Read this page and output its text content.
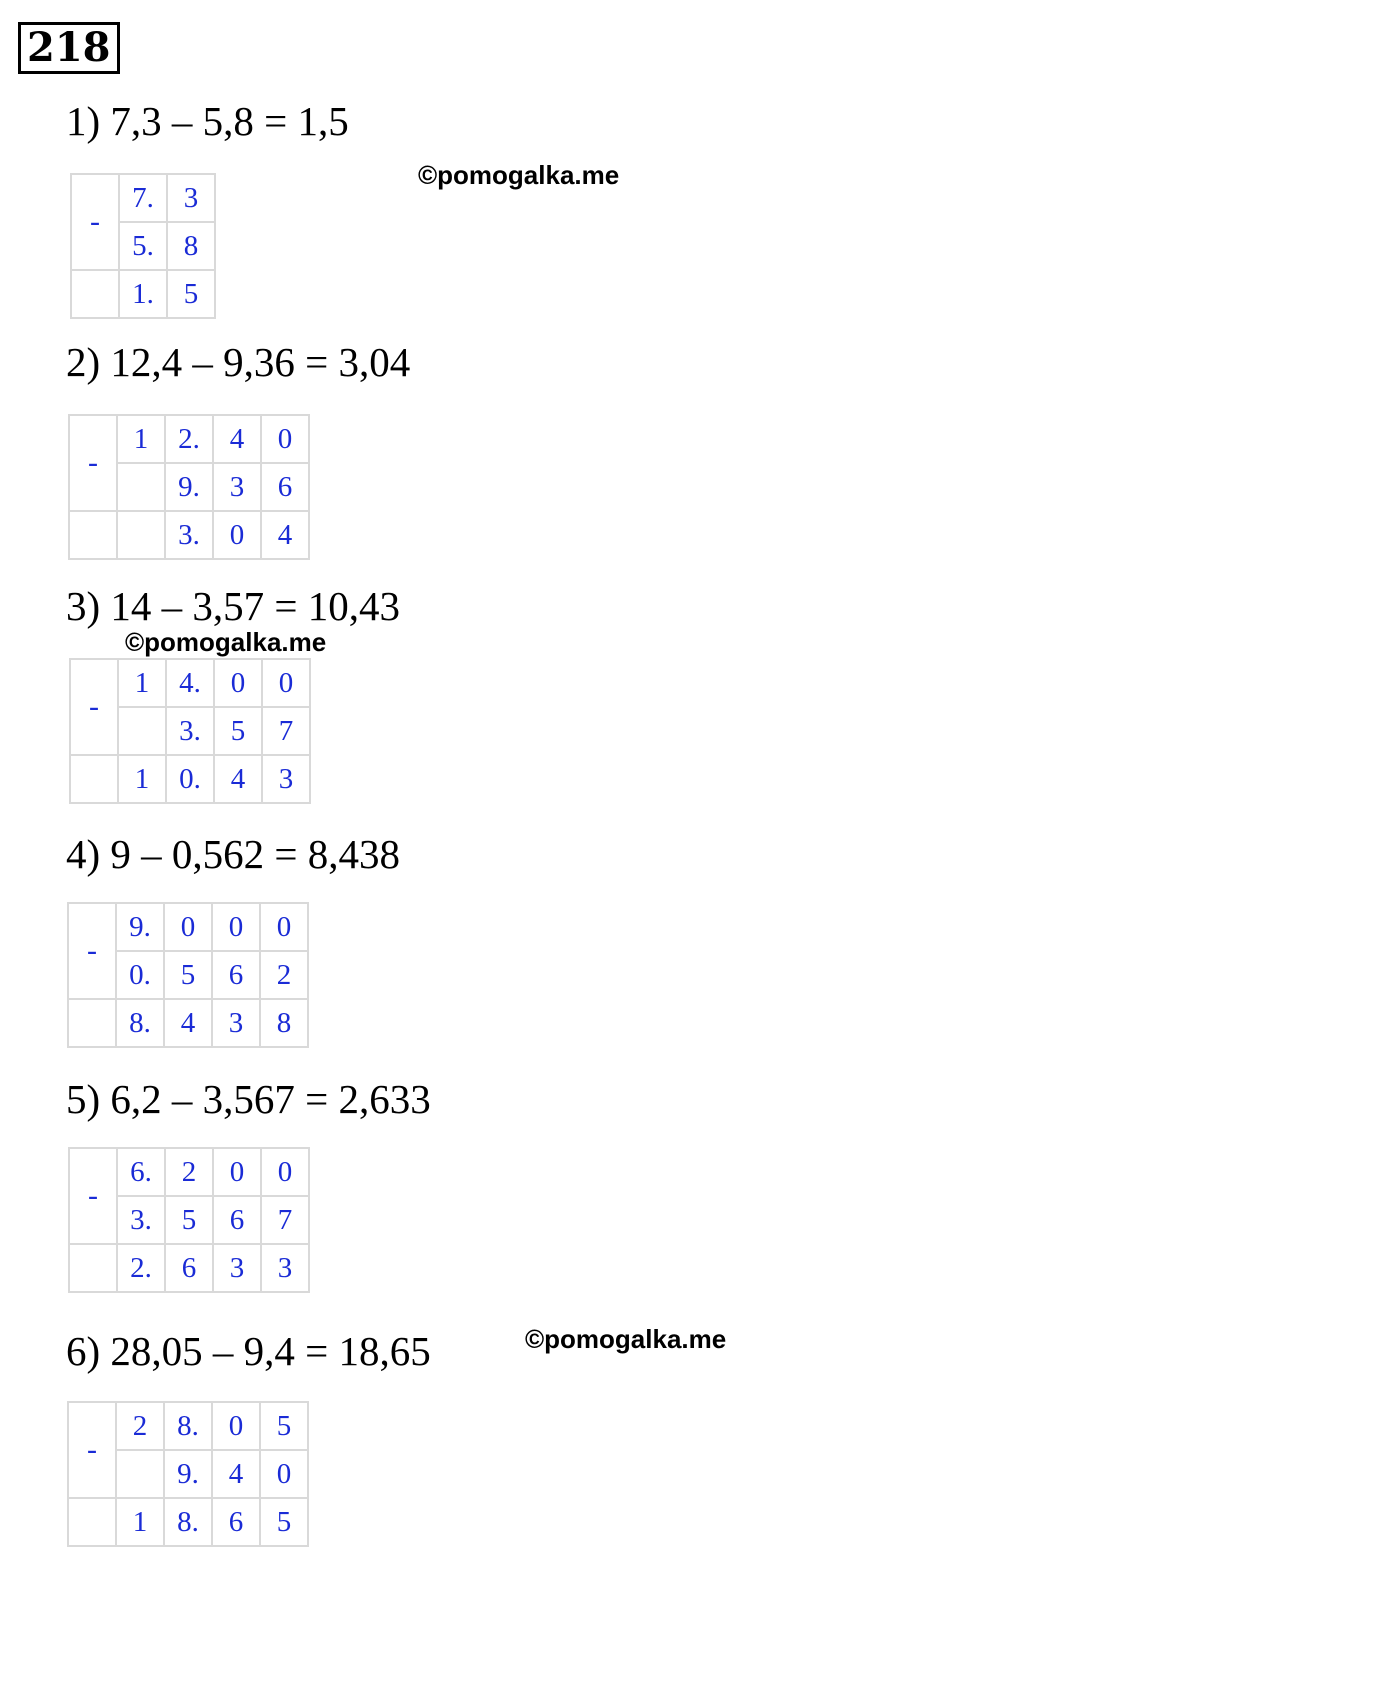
218
©pomogalka.me
©pomogalka.me
©pomogalka.me
1) 7,3 – 5,8 = 1,5
-	7.	3
	5.	8
	1.	5
2) 12,4 – 9,36 = 3,04
-	1	2.	4	0
		9.	3	6
		3.	0	4
3) 14 – 3,57 = 10,43
-	1	4.	0	0
		3.	5	7
	1	0.	4	3
4) 9 – 0,562 = 8,438
-	9.	0	0	0
	0.	5	6	2
	8.	4	3	8
5) 6,2 – 3,567 = 2,633
-	6.	2	0	0
	3.	5	6	7
	2.	6	3	3
6) 28,05 – 9,4 = 18,65
-	2	8.	0	5
		9.	4	0
	1	8.	6	5
